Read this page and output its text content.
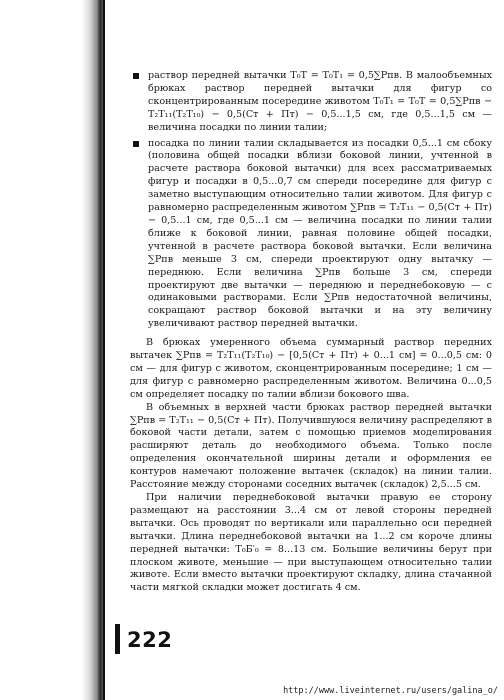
раствор передней вытачки T₀T = T₀T₁ = 0,5∑Pпв. В малообъемных брюках раствор передней вытачки для фигур со сконцентрированным посередине животом T₀T₁ = T₀T = 0,5∑Pпв − T₂T₁₁(T₂T₁₀) − 0,5(Cт + Пт) − 0,5...1,5 см, где 0,5...1,5 см — величина посадки по линии талии;
посадка по линии талии складывается из посадки 0,5...1 см сбоку (половина общей посадки вблизи боковой линии, учтенной в расчете раствора боковой вытачки) для всех рассматриваемых фигур и посадки в 0,5...0,7 см спереди посередине для фигур с заметно выступающим относительно талии животом. Для фигур с равномерно распределенным животом ∑Pпв = T₂T₁₁ − 0,5(Cт + Пт) − 0,5...1 см, где 0,5...1 см — величина посадки по линии талии ближе к боковой линии, равная половине общей посадки, учтенной в расчете раствора боковой вытачки. Если величина ∑Pпв меньше 3 см, спереди проектируют одну вытачку — переднюю. Если величина ∑Pпв больше 3 см, спереди проектируют две вытачки — переднюю и переднебоковую — с одинаковыми растворами. Если ∑Pпв недостаточной величины, сокращают раствор боковой вытачки и на эту величину увеличивают раствор передней вытачки.

В брюках умеренного объема суммарный раствор передних вытачек ∑Pпв = T₂T₁₁(T₂T₁₀) − [0,5(Cт + Пт) + 0...1 см] = 0...0,5 см: 0 см — для фигур с животом, сконцентрированным посередине; 1 см — для фигур с равномерно распределенным животом. Величина 0...0,5 см определяет посадку по талии вблизи бокового шва.

В объемных в верхней части брюках раствор передней вытачки ∑Pпв = T₂T₁₁ − 0,5(Cт + Пт). Получившуюся величину распределяют в боковой части детали, затем с помощью приемов моделирования расширяют деталь до необходимого объема. Только после определения окончательной ширины детали и оформления ее контуров намечают положение вытачек (складок) на линии талии. Расстояние между сторонами соседних вытачек (складок) 2,5...5 см.

При наличии переднебоковой вытачки правую ее сторону размещают на расстоянии 3...4 см от левой стороны передней вытачки. Ось проводят по вертикали или параллельно оси передней вытачки. Длина переднебоковой вытачки на 1...2 см короче длины передней вытачки: T₀Б′₀ = 8...13 см. Большие величины берут при плоском животе, меньшие — при выступающем относительно талии животе. Если вместо вытачки проектируют складку, длина стачанной части мягкой складки может достигать 4 см.

222
http://www.liveinternet.ru/users/galina_o/
